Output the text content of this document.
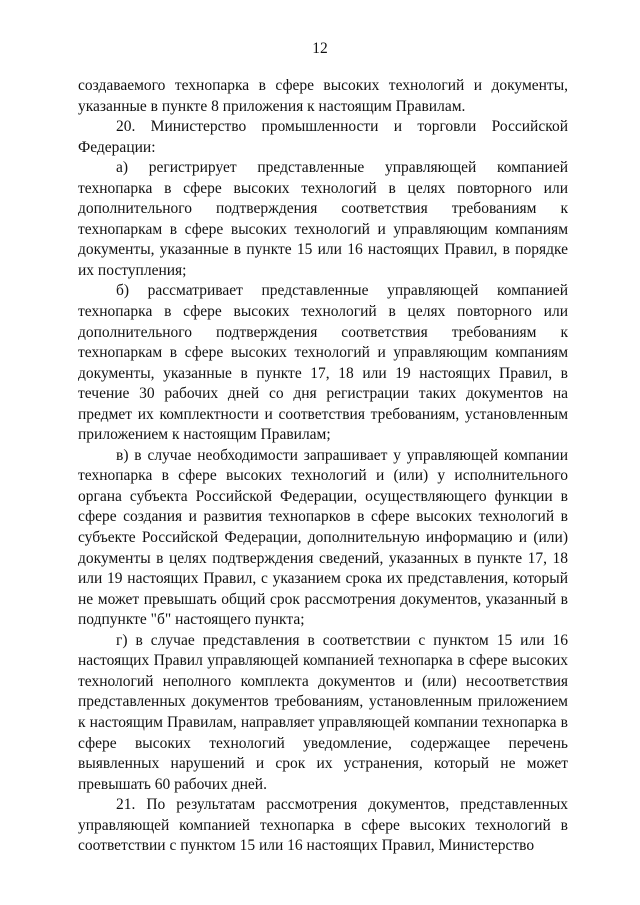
12

создаваемого технопарка в сфере высоких технологий и документы, указанные в пункте 8 приложения к настоящим Правилам.

20. Министерство промышленности и торговли Российской Федерации:

а) регистрирует представленные управляющей компанией технопарка в сфере высоких технологий в целях повторного или дополнительного подтверждения соответствия требованиям к технопаркам в сфере высоких технологий и управляющим компаниям документы, указанные в пункте 15 или 16 настоящих Правил, в порядке их поступления;

б) рассматривает представленные управляющей компанией технопарка в сфере высоких технологий в целях повторного или дополнительного подтверждения соответствия требованиям к технопаркам в сфере высоких технологий и управляющим компаниям документы, указанные в пункте 17, 18 или 19 настоящих Правил, в течение 30 рабочих дней со дня регистрации таких документов на предмет их комплектности и соответствия требованиям, установленным приложением к настоящим Правилам;

в) в случае необходимости запрашивает у управляющей компании технопарка в сфере высоких технологий и (или) у исполнительного органа субъекта Российской Федерации, осуществляющего функции в сфере создания и развития технопарков в сфере высоких технологий в субъекте Российской Федерации, дополнительную информацию и (или) документы в целях подтверждения сведений, указанных в пункте 17, 18 или 19 настоящих Правил, с указанием срока их представления, который не может превышать общий срок рассмотрения документов, указанный в подпункте "б" настоящего пункта;

г) в случае представления в соответствии с пунктом 15 или 16 настоящих Правил управляющей компанией технопарка в сфере высоких технологий неполного комплекта документов и (или) несоответствия представленных документов требованиям, установленным приложением к настоящим Правилам, направляет управляющей компании технопарка в сфере высоких технологий уведомление, содержащее перечень выявленных нарушений и срок их устранения, который не может превышать 60 рабочих дней.

21. По результатам рассмотрения документов, представленных управляющей компанией технопарка в сфере высоких технологий в соответствии с пунктом 15 или 16 настоящих Правил, Министерство
